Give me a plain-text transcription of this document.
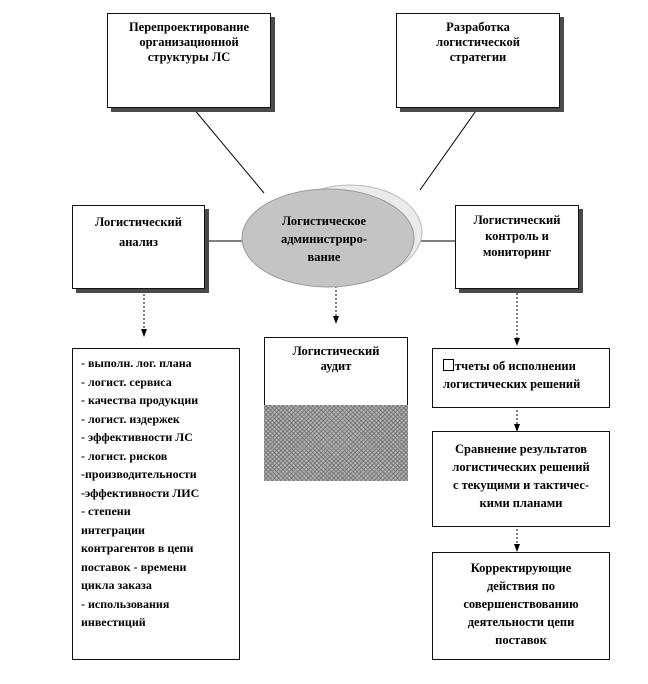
Перепроектирование
организационной
структуры ЛС
Разработка
логистической
стратегии
Логистический
анализ
Логистическое
администриро-
вание
Логистический
контроль и
мониторинг
- выполн. лог. плана
- логист. сервиса
- качества продукции
- логист. издержек
- эффективности ЛС
- логист. рисков
-производительности
-эффективности ЛИС
- степени
интеграции
контрагентов в цепи
поставок - времени
цикла заказа
- использования
инвестиций
Логистический
аудит	тчеты об исполнении
логистических решений
Сравнение результатов
логистических решений
с текущими и тактичес-
кими планами
Корректирующие
действия по
совершенствованию
деятельности цепи
поставок
